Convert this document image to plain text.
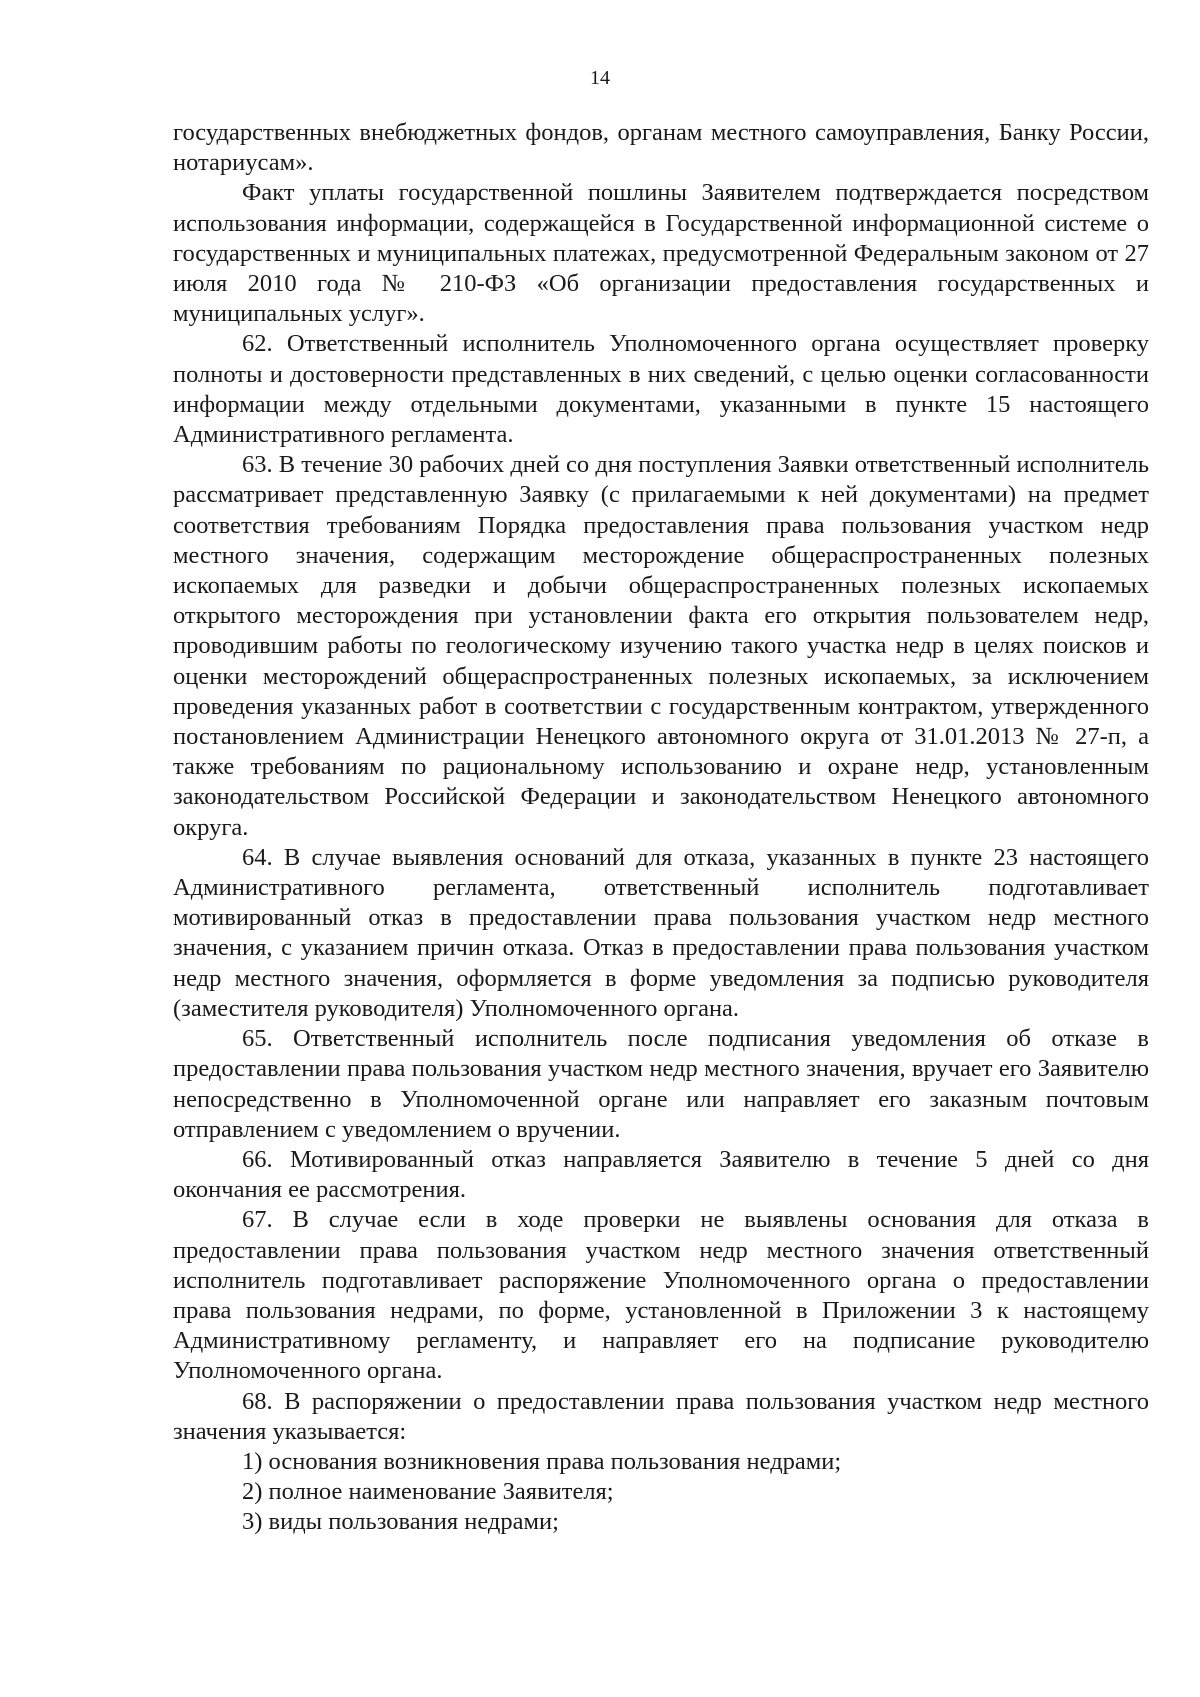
14

государственных внебюджетных фондов, органам местного самоуправления, Банку России, нотариусам».

Факт уплаты государственной пошлины Заявителем подтверждается посредством использования информации, содержащейся в Государственной информационной системе о государственных и муниципальных платежах, предусмотренной Федеральным законом от 27 июля 2010 года № 210-ФЗ «Об организации предоставления государственных и муниципальных услуг».

62. Ответственный исполнитель Уполномоченного органа осуществляет проверку полноты и достоверности представленных в них сведений, с целью оценки согласованности информации между отдельными документами, указанными в пункте 15 настоящего Административного регламента.

63. В течение 30 рабочих дней со дня поступления Заявки ответственный исполнитель рассматривает представленную Заявку (с прилагаемыми к ней документами) на предмет соответствия требованиям Порядка предоставления права пользования участком недр местного значения, содержащим месторождение общераспространенных полезных ископаемых для разведки и добычи общераспространенных полезных ископаемых открытого месторождения при установлении факта его открытия пользователем недр, проводившим работы по геологическому изучению такого участка недр в целях поисков и оценки месторождений общераспространенных полезных ископаемых, за исключением проведения указанных работ в соответствии с государственным контрактом, утвержденного постановлением Администрации Ненецкого автономного округа от 31.01.2013 № 27-п, а также требованиям по рациональному использованию и охране недр, установленным законодательством Российской Федерации и законодательством Ненецкого автономного округа.

64. В случае выявления оснований для отказа, указанных в пункте 23 настоящего Административного регламента, ответственный исполнитель подготавливает мотивированный отказ в предоставлении права пользования участком недр местного значения, с указанием причин отказа. Отказ в предоставлении права пользования участком недр местного значения, оформляется в форме уведомления за подписью руководителя (заместителя руководителя) Уполномоченного органа.

65. Ответственный исполнитель после подписания уведомления об отказе в предоставлении права пользования участком недр местного значения, вручает его Заявителю непосредственно в Уполномоченной органе или направляет его заказным почтовым отправлением с уведомлением о вручении.

66. Мотивированный отказ направляется Заявителю в течение 5 дней со дня окончания ее рассмотрения.

67. В случае если в ходе проверки не выявлены основания для отказа в предоставлении права пользования участком недр местного значения ответственный исполнитель подготавливает распоряжение Уполномоченного органа о предоставлении права пользования недрами, по форме, установленной в Приложении 3 к настоящему Административному регламенту, и направляет его на подписание руководителю Уполномоченного органа.

68. В распоряжении о предоставлении права пользования участком недр местного значения указывается:

1) основания возникновения права пользования недрами;

2) полное наименование Заявителя;

3) виды пользования недрами;
